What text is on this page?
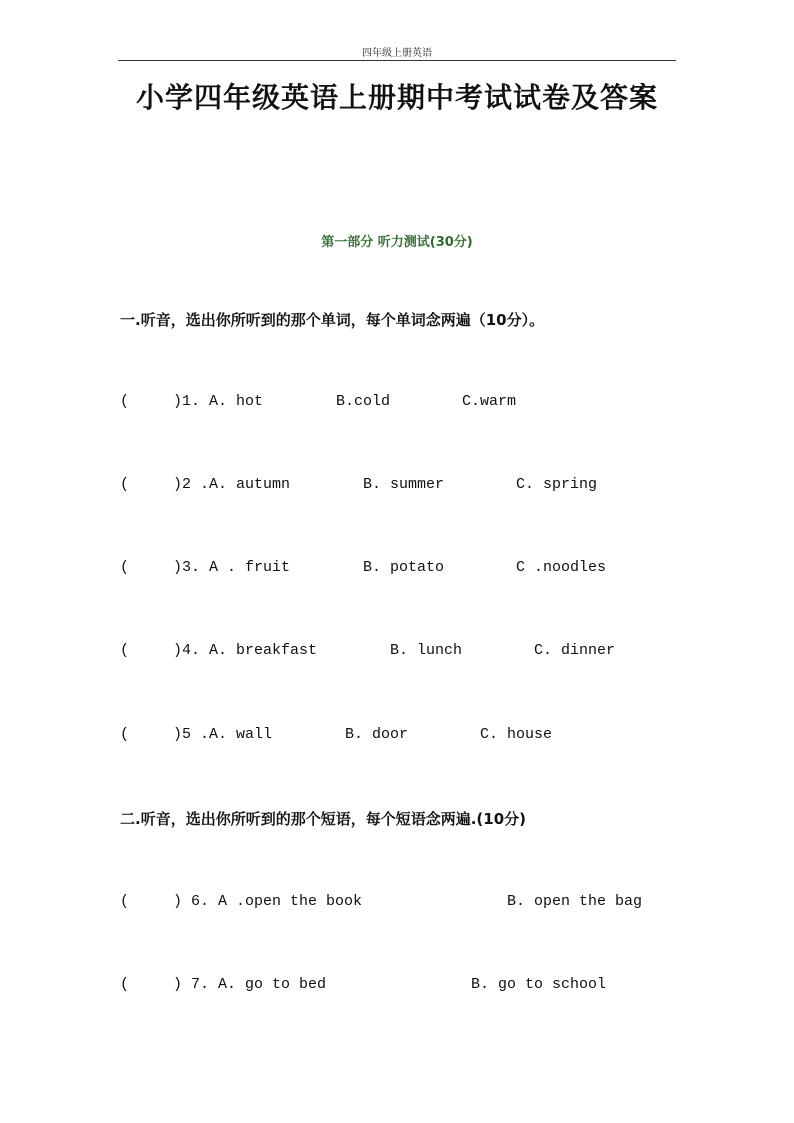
四年级上册英语
小学四年级英语上册期中考试试卷及答案
第一部分 听力测试(30分)
一.听音，选出你所听到的那个单词，每个单词念两遍（10分）。

(

	)1. A. hot

	B.cold

	C.warm

(

	)2 .A. autumn

	B. summer

	C. spring

(

	)3. A . fruit

	B. potato

	C .noodles

(

	)4. A. breakfast

	B. lunch

	C. dinner

(

	)5 .A. wall

	B. door

	C. house

二.听音，选出你所听到的那个短语，每个短语念两遍.(10分)

(

	) 6. A .open the book

	B. open the bag

(

	) 7. A. go to bed

	B. go to school
